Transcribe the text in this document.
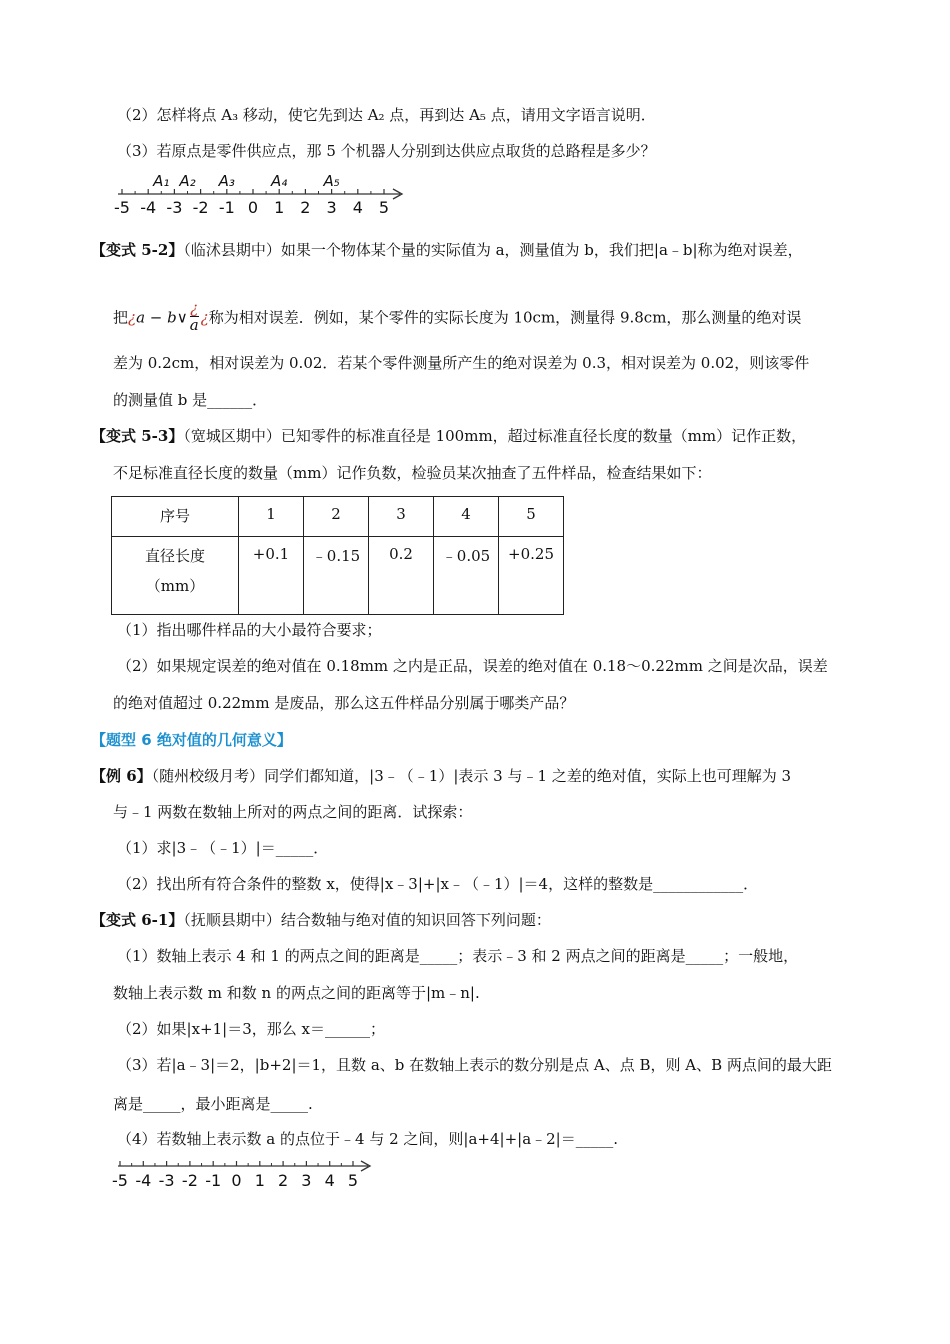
（2）怎样将点 A₃ 移动，使它先到达 A₂ 点，再到达 A₅ 点，请用文字语言说明．
（3）若原点是零件供应点，那 5 个机器人分别到达供应点取货的总路程是多少？
-5 -4 -3 -2 -1 0 1 2 3 4 5
A₁ A₂ A₃ A₄ A₅
【变式 5-2】（临沭县期中）如果一个物体某个量的实际值为 a，测量值为 b，我们把|a﹣b|称为绝对误差，
把¿a − b∨
¿
a ¿称为相对误差．例如，某个零件的实际长度为 10cm，测量得 9.8cm，那么测量的绝对误
差为 0.2cm，相对误差为 0.02．若某个零件测量所产生的绝对误差为 0.3，相对误差为 0.02，则该零件
的测量值 b 是______．
【变式 5-3】（宽城区期中）已知零件的标准直径是 100mm，超过标准直径长度的数量（mm）记作正数，
不足标准直径长度的数量（mm）记作负数，检验员某次抽查了五件样品，检查结果如下：
序号	1	2	3	4	5

直径长度
（mm）	+0.1	﹣0.15	0.2	﹣0.05	+0.25
（1）指出哪件样品的大小最符合要求；
（2）如果规定误差的绝对值在 0.18mm 之内是正品，误差的绝对值在 0.18～0.22mm 之间是次品，误差
的绝对值超过 0.22mm 是废品，那么这五件样品分别属于哪类产品？
【题型 6 绝对值的几何意义】
【例 6】（随州校级月考）同学们都知道，|3﹣（﹣1）|表示 3 与﹣1 之差的绝对值，实际上也可理解为 3
与﹣1 两数在数轴上所对的两点之间的距离．试探索：
（1）求|3﹣（﹣1）|＝_____．
（2）找出所有符合条件的整数 x，使得|x﹣3|+|x﹣（﹣1）|＝4，这样的整数是____________．
【变式 6-1】（抚顺县期中）结合数轴与绝对值的知识回答下列问题：
（1）数轴上表示 4 和 1 的两点之间的距离是_____；表示﹣3 和 2 两点之间的距离是_____；一般地，
数轴上表示数 m 和数 n 的两点之间的距离等于|m﹣n|.
（2）如果|x+1|＝3，那么 x＝______；
（3）若|a﹣3|＝2，|b+2|＝1，且数 a、b 在数轴上表示的数分别是点 A、点 B，则 A、B 两点间的最大距
离是_____，最小距离是_____.
（4）若数轴上表示数 a 的点位于﹣4 与 2 之间，则|a+4|+|a﹣2|＝_____.
-5 -4 -3 -2 -1 0 1 2 3 4 5
